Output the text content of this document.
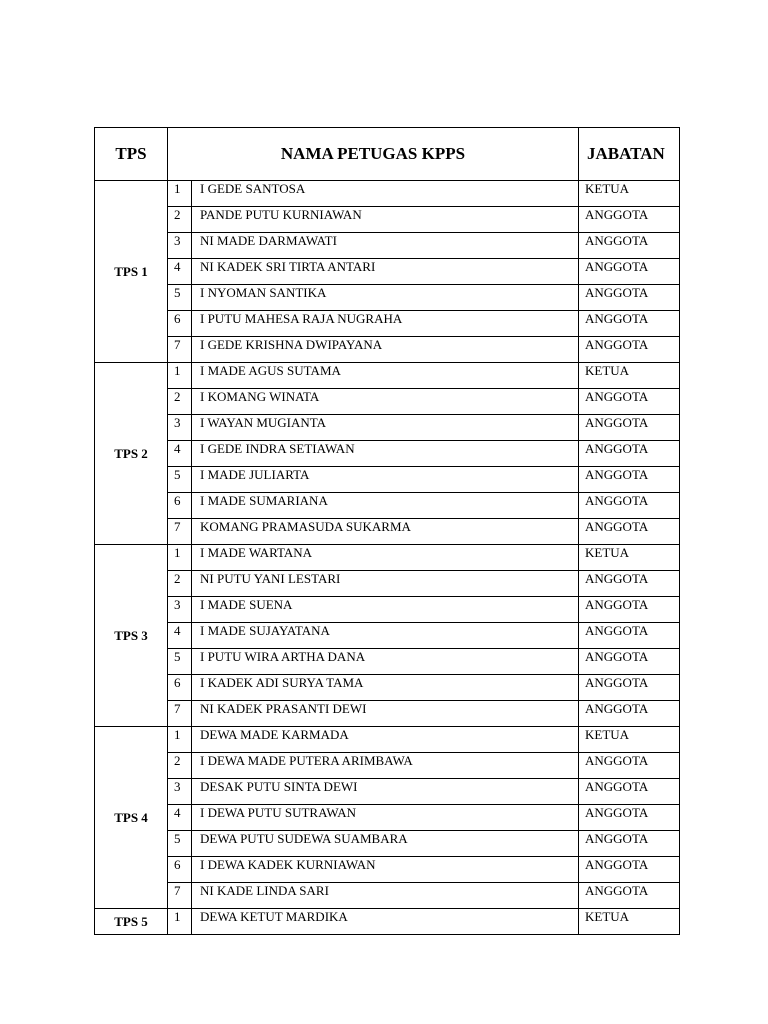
TPS	NAMA PETUGAS KPPS		JABATAN
TPS 1	1	I GEDE SANTOSA	KETUA
	2	PANDE PUTU KURNIAWAN	ANGGOTA
	3	NI MADE DARMAWATI	ANGGOTA
	4	NI KADEK SRI TIRTA ANTARI	ANGGOTA
	5	I NYOMAN SANTIKA	ANGGOTA
	6	I PUTU MAHESA RAJA NUGRAHA	ANGGOTA
	7	I GEDE KRISHNA DWIPAYANA	ANGGOTA
TPS 2	1	I MADE AGUS SUTAMA	KETUA
	2	I KOMANG WINATA	ANGGOTA
	3	I WAYAN MUGIANTA	ANGGOTA
	4	I GEDE INDRA SETIAWAN	ANGGOTA
	5	I MADE JULIARTA	ANGGOTA
	6	I MADE SUMARIANA	ANGGOTA
	7	KOMANG PRAMASUDA SUKARMA	ANGGOTA
TPS 3	1	I MADE WARTANA	KETUA
	2	NI PUTU YANI LESTARI	ANGGOTA
	3	I MADE SUENA	ANGGOTA
	4	I MADE SUJAYATANA	ANGGOTA
	5	I PUTU WIRA ARTHA DANA	ANGGOTA
	6	I KADEK ADI SURYA TAMA	ANGGOTA
	7	NI KADEK PRASANTI DEWI	ANGGOTA
TPS 4	1	DEWA MADE KARMADA	KETUA
	2	I DEWA MADE PUTERA ARIMBAWA	ANGGOTA
	3	DESAK PUTU SINTA DEWI	ANGGOTA
	4	I DEWA PUTU SUTRAWAN	ANGGOTA
	5	DEWA PUTU SUDEWA SUAMBARA	ANGGOTA
	6	I DEWA KADEK KURNIAWAN	ANGGOTA
	7	NI KADE LINDA SARI	ANGGOTA
TPS 5	1	DEWA KETUT MARDIKA	KETUA
